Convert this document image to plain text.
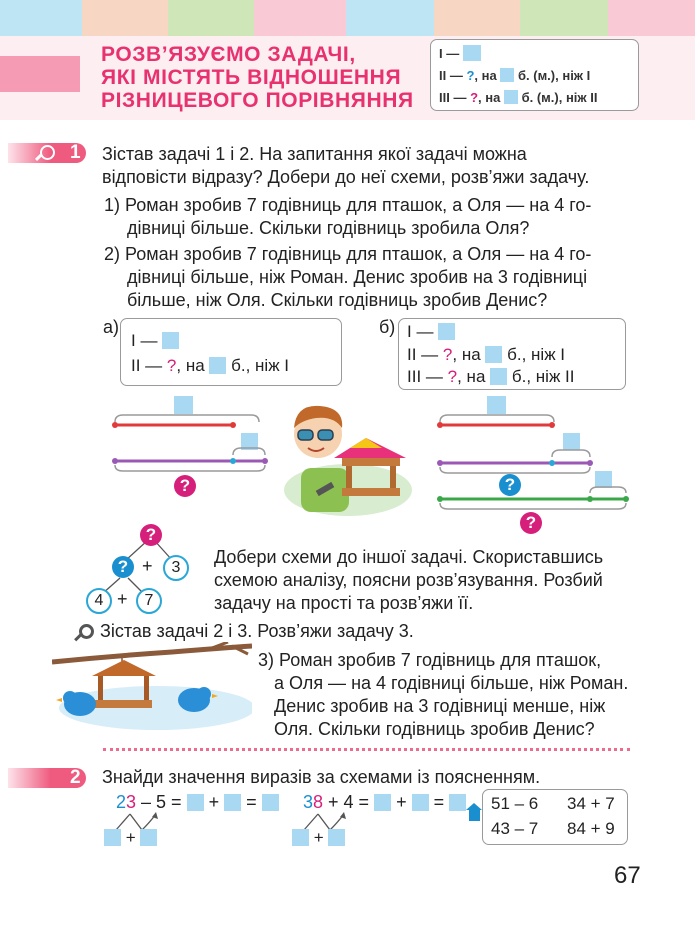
РОЗВ’ЯЗУЄМО ЗАДАЧІ,
ЯКІ МІСТЯТЬ ВІДНОШЕННЯ
РІЗНИЦЕВОГО ПОРІВНЯННЯ
I —
II — ?, на б. (м.), ніж I
III — ?, на б. (м.), ніж II
1 Зістав задачі 1 і 2. На запитання якої задачі можна
відповісти відразу? Добери до неї схеми, розв’яжи задачу.
1) Роман зробив 7 годівниць для пташок, а Оля — на 4 го-
дівниці більше. Скільки годівниць зробила Оля?
2) Роман зробив 7 годівниць для пташок, а Оля — на 4 го-
дівниці більше, ніж Роман. Денис зробив на 3 годівниці
більше, ніж Оля. Скільки годівниць зробив Денис?
а)
I —
II — ?, на б., ніж I
б) I —
II — ?, на б., ніж I
III — ?, на б., ніж II
?	?
?
?
? +	3
4 +	7
Добери схеми до іншої задачі. Скориставшись
схемою аналізу, поясни розв’язування. Розбий
задачу на прості та розв’яжи її.
Зістав задачі 2 і 3. Розв’яжи задачу 3.
3) Роман зробив 7 годівниць для пташок,
а Оля — на 4 годівниці більше, ніж Роман.
Денис зробив на 3 годівниці менше, ніж
Оля. Скільки годівниць зробив Денис?
2 Знайди значення виразів за схемами із поясненням.
23 – 5 = + =
+
38 + 4 = + =
+
51 – 6 34 + 7
43 – 7 84 + 9
67
